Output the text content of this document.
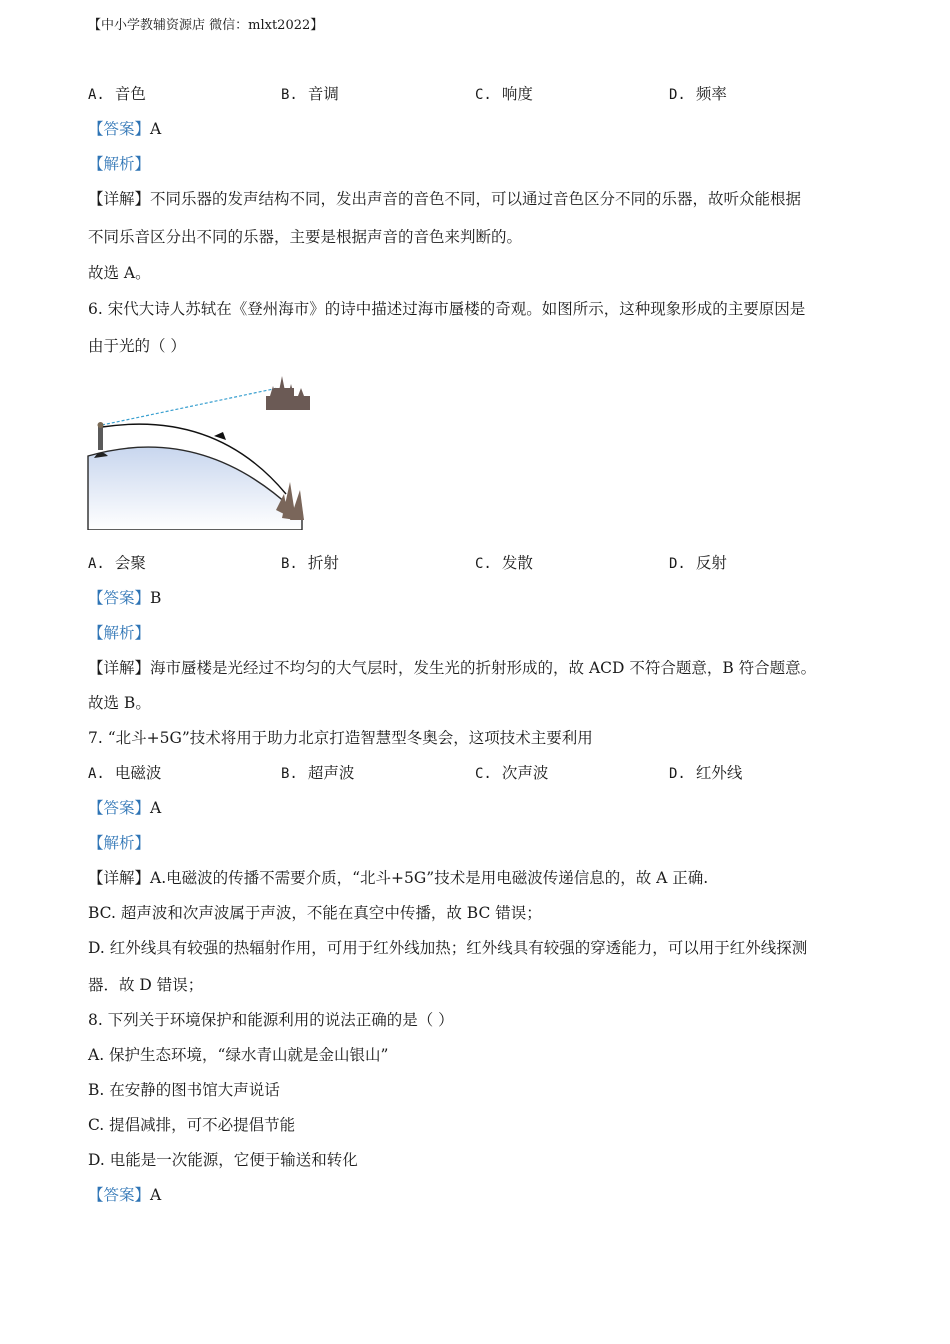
【中小学教辅资源店 微信：mlxt2022】
A. 音色	B. 音调	C. 响度	D. 频率
【答案】A
【解析】
【详解】不同乐器的发声结构不同，发出声音的音色不同，可以通过音色区分不同的乐器，故听众能根据
不同乐音区分出不同的乐器，主要是根据声音的音色来判断的。
故选 A。
6. 宋代大诗人苏轼在《登州海市》的诗中描述过海市蜃楼的奇观。如图所示，这种现象形成的主要原因是
由于光的（ ）
A. 会聚	B. 折射	C. 发散	D. 反射
【答案】B
【解析】
【详解】海市蜃楼是光经过不均匀的大气层时，发生光的折射形成的，故 ACD 不符合题意，B 符合题意。
故选 B。
7. “北斗+5G”技术将用于助力北京打造智慧型冬奥会，这项技术主要利用
A. 电磁波	B. 超声波	C. 次声波	D. 红外线
【答案】A
【解析】
【详解】A.电磁波的传播不需要介质，“北斗+5G”技术是用电磁波传递信息的，故 A 正确.
BC. 超声波和次声波属于声波，不能在真空中传播，故 BC 错误；
D. 红外线具有较强的热辐射作用，可用于红外线加热；红外线具有较强的穿透能力，可以用于红外线探测
器．故 D 错误；
8. 下列关于环境保护和能源利用的说法正确的是（ ）
A. 保护生态环境，“绿水青山就是金山银山”
B. 在安静的图书馆大声说话
C. 提倡减排，可不必提倡节能
D. 电能是一次能源，它便于输送和转化
【答案】A
